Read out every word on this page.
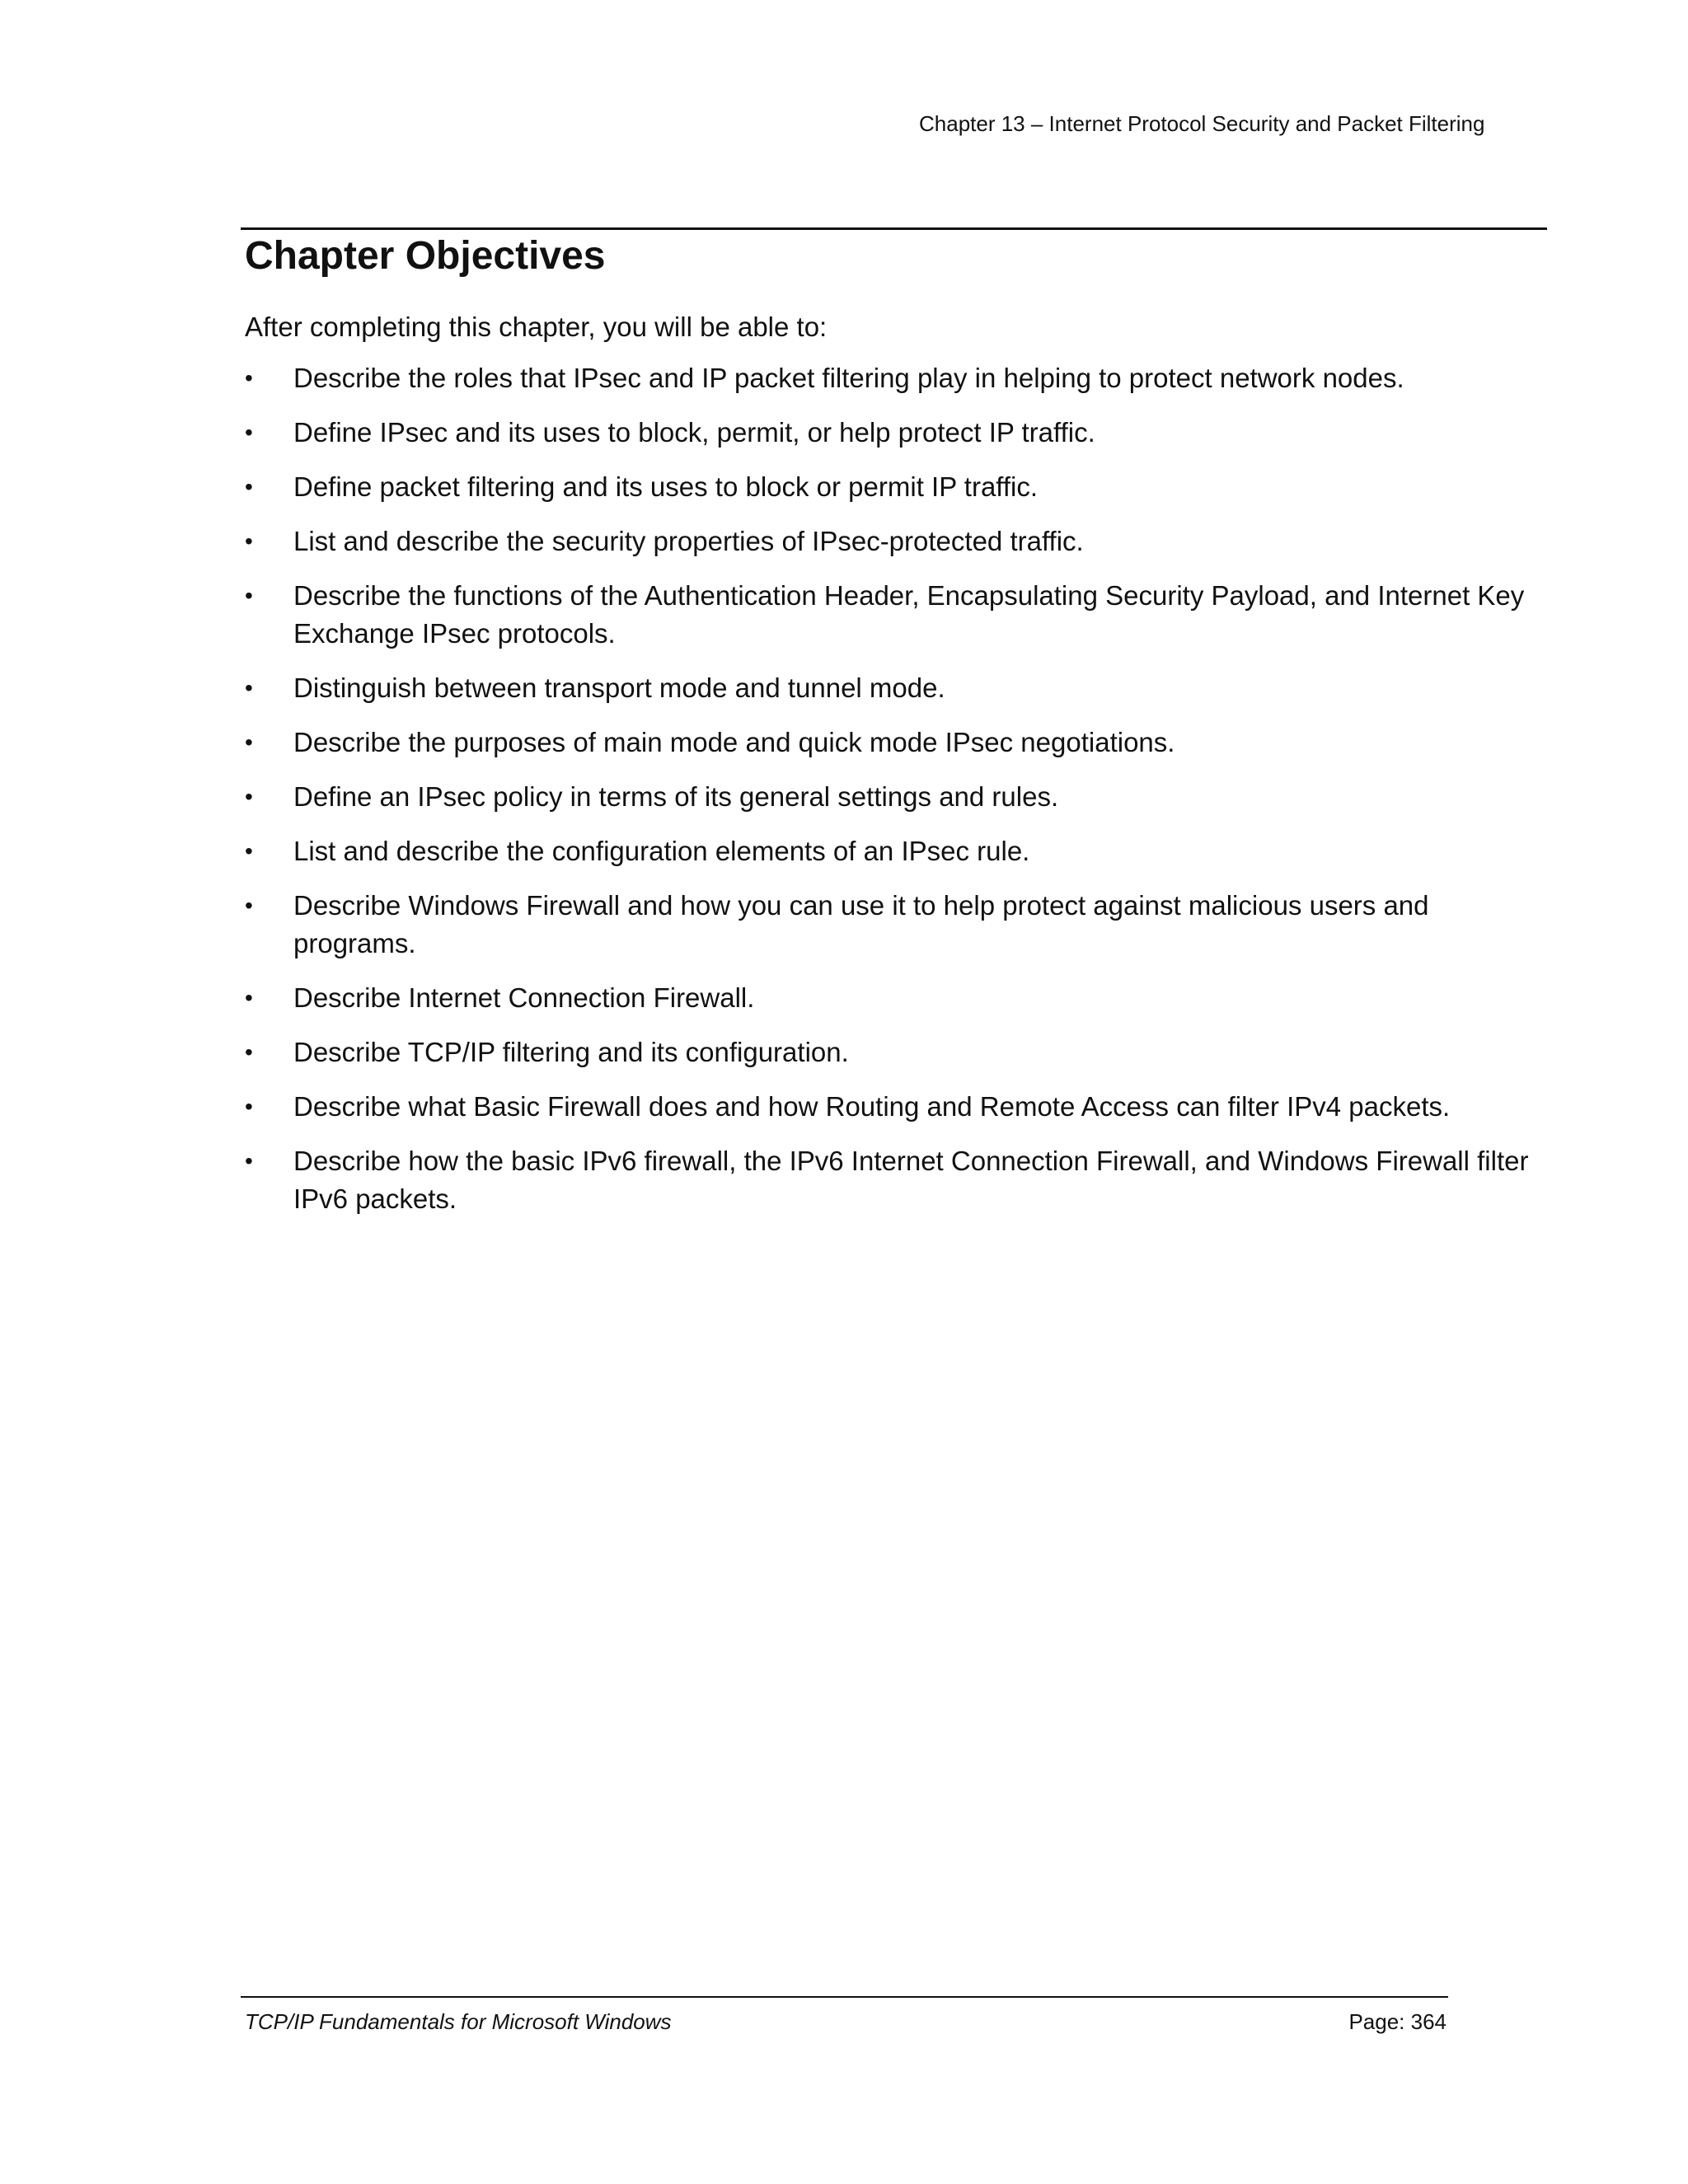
Chapter 13 – Internet Protocol Security and Packet Filtering
Chapter Objectives

After completing this chapter, you will be able to:

• Describe the roles that IPsec and IP packet filtering play in helping to protect network nodes.
• Define IPsec and its uses to block, permit, or help protect IP traffic.
• Define packet filtering and its uses to block or permit IP traffic.
• List and describe the security properties of IPsec-protected traffic.
• Describe the functions of the Authentication Header, Encapsulating Security Payload, and Internet Key Exchange IPsec protocols.
• Distinguish between transport mode and tunnel mode.
• Describe the purposes of main mode and quick mode IPsec negotiations.
• Define an IPsec policy in terms of its general settings and rules.
• List and describe the configuration elements of an IPsec rule.
• Describe Windows Firewall and how you can use it to help protect against malicious users and programs.
• Describe Internet Connection Firewall.
• Describe TCP/IP filtering and its configuration.
• Describe what Basic Firewall does and how Routing and Remote Access can filter IPv4 packets.
• Describe how the basic IPv6 firewall, the IPv6 Internet Connection Firewall, and Windows Firewall filter IPv6 packets.
TCP/IP Fundamentals for Microsoft Windows	Page: 364
